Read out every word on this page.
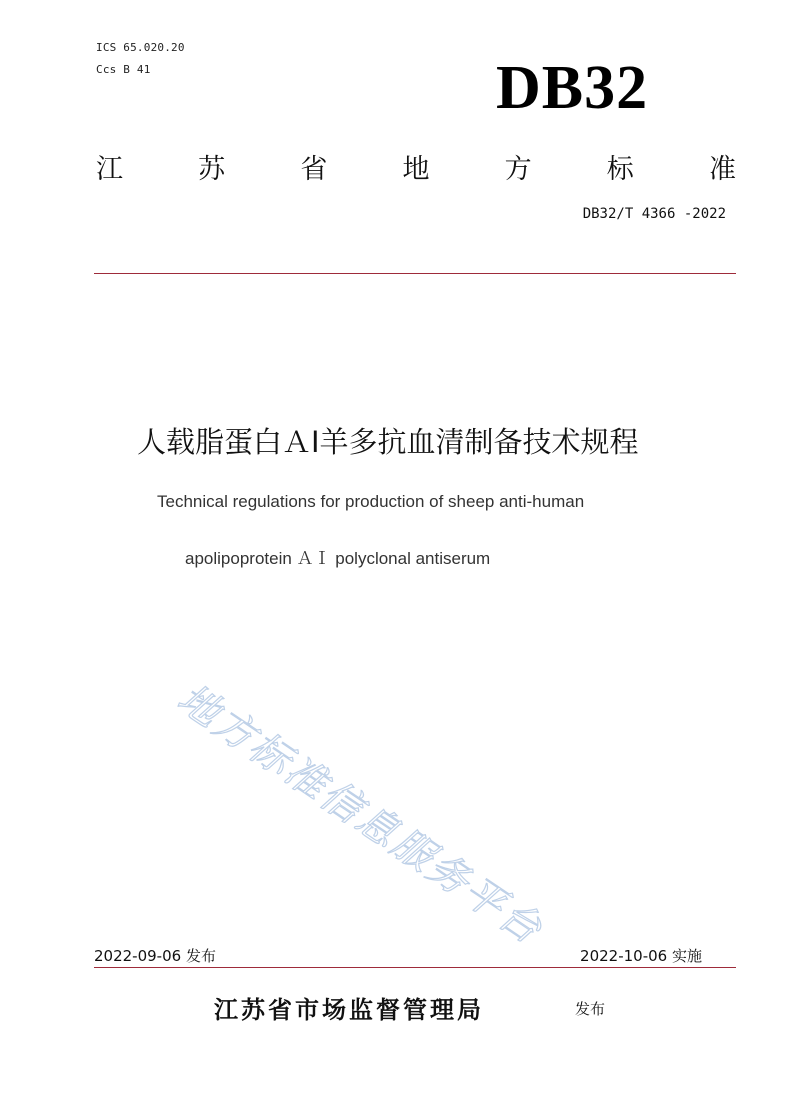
ICS 65.020.20
Ccs B 41	DB32
江	苏	省	地	方	标	准
DB32/T 4366 -2022
人载脂蛋白ＡⅠ羊多抗血清制备技术规程
Technical regulations for production of sheep anti-human
apolipoprotein ＡⅠ polyclonal antiserum
地方标准信息服务平台
2022-09-06 发布	2022-10-06 实施
江苏省市场监督管理局	发布
